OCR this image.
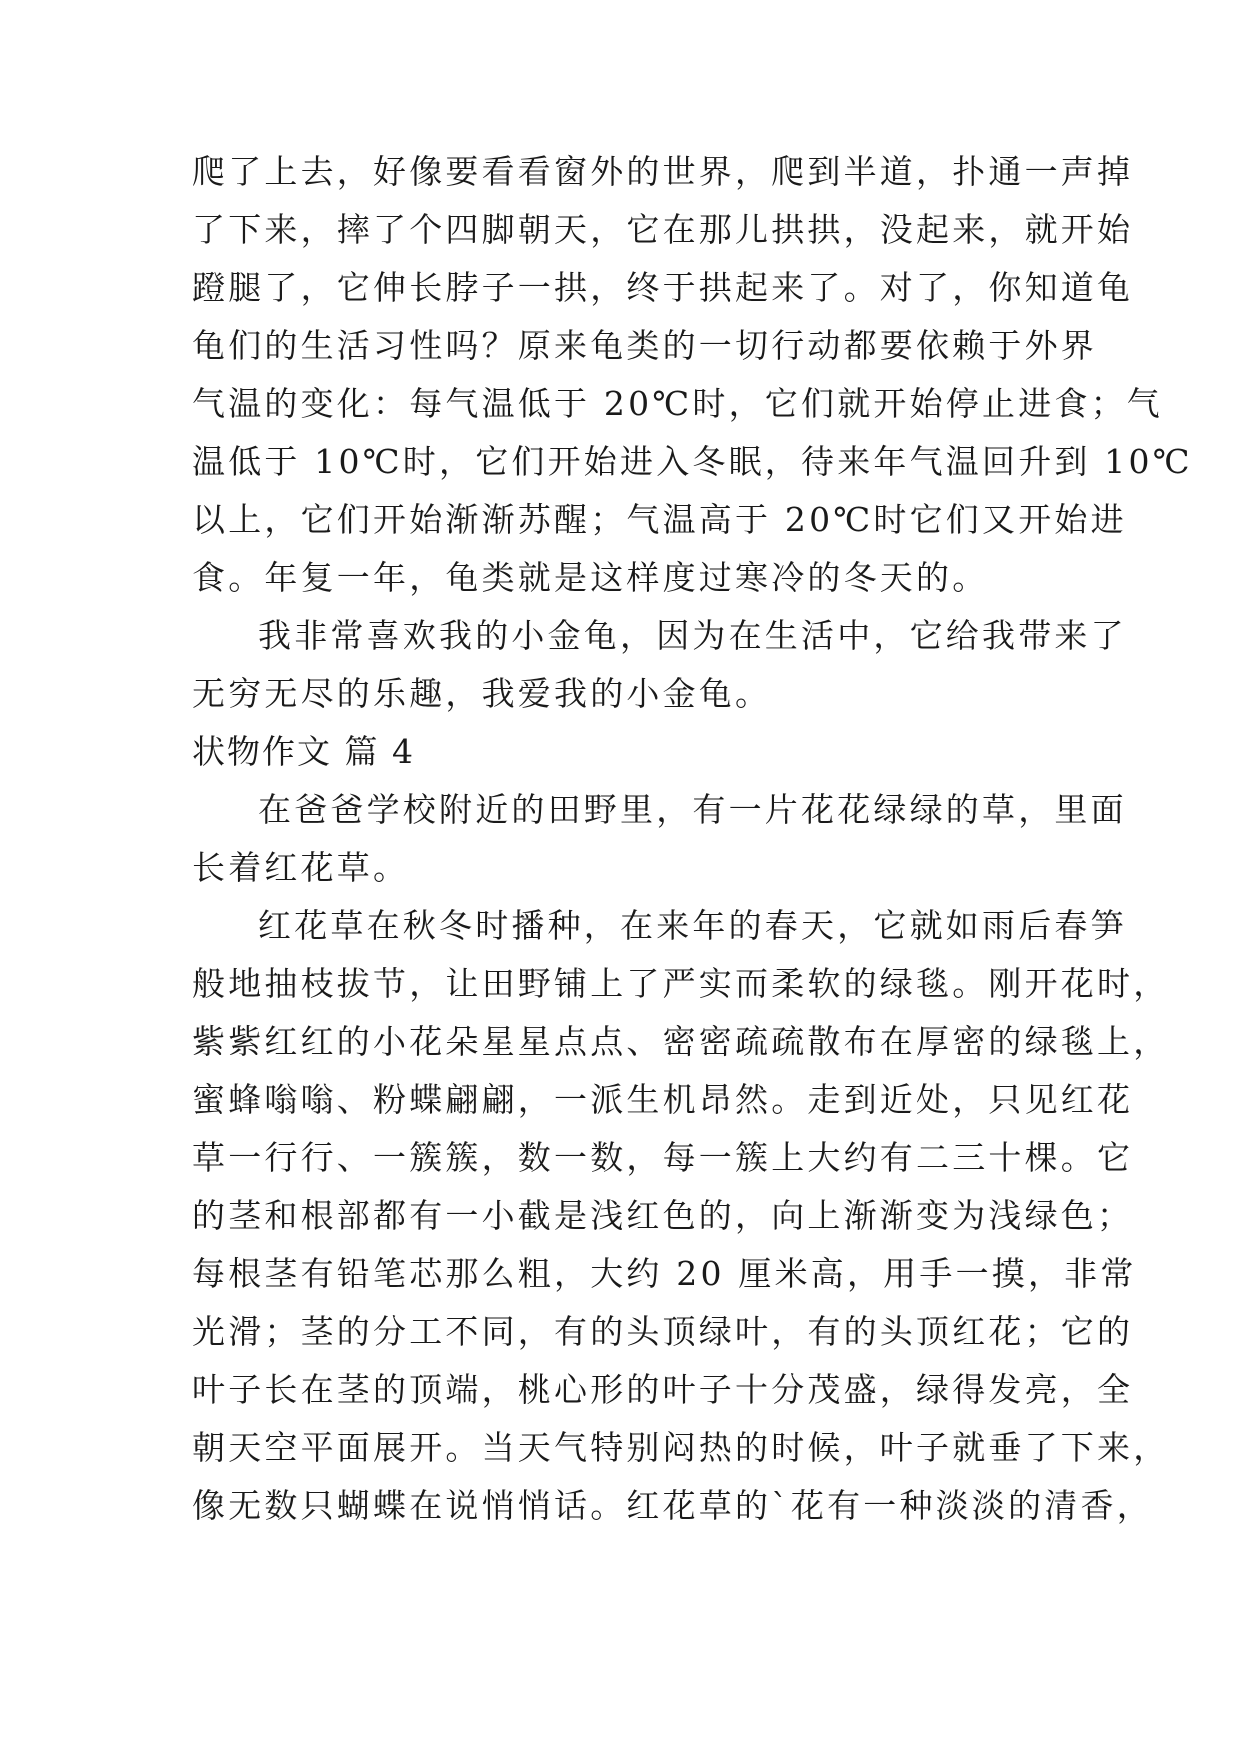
爬了上去，好像要看看窗外的世界，爬到半道，扑通一声掉
了下来，摔了个四脚朝天，它在那儿拱拱，没起来，就开始
蹬腿了，它伸长脖子一拱，终于拱起来了。对了，你知道龟
龟们的生活习性吗？原来龟类的一切行动都要依赖于外界
气温的变化：每气温低于 20℃时，它们就开始停止进食；气
温低于 10℃时，它们开始进入冬眠，待来年气温回升到 10℃
以上，它们开始渐渐苏醒；气温高于 20℃时它们又开始进
食。年复一年，龟类就是这样度过寒冷的冬天的。
我非常喜欢我的小金龟，因为在生活中，它给我带来了
无穷无尽的乐趣，我爱我的小金龟。
状物作文 篇 4
在爸爸学校附近的田野里，有一片花花绿绿的草，里面
长着红花草。
红花草在秋冬时播种，在来年的春天，它就如雨后春笋
般地抽枝拔节，让田野铺上了严实而柔软的绿毯。刚开花时，
紫紫红红的小花朵星星点点、密密疏疏散布在厚密的绿毯上，
蜜蜂嗡嗡、粉蝶翩翩，一派生机昂然。走到近处，只见红花
草一行行、一簇簇，数一数，每一簇上大约有二三十棵。它
的茎和根部都有一小截是浅红色的，向上渐渐变为浅绿色；
每根茎有铅笔芯那么粗，大约 20 厘米高，用手一摸，非常
光滑；茎的分工不同，有的头顶绿叶，有的头顶红花；它的
叶子长在茎的顶端，桃心形的叶子十分茂盛，绿得发亮，全
朝天空平面展开。当天气特别闷热的时候，叶子就垂了下来，
像无数只蝴蝶在说悄悄话。红花草的`花有一种淡淡的清香，
